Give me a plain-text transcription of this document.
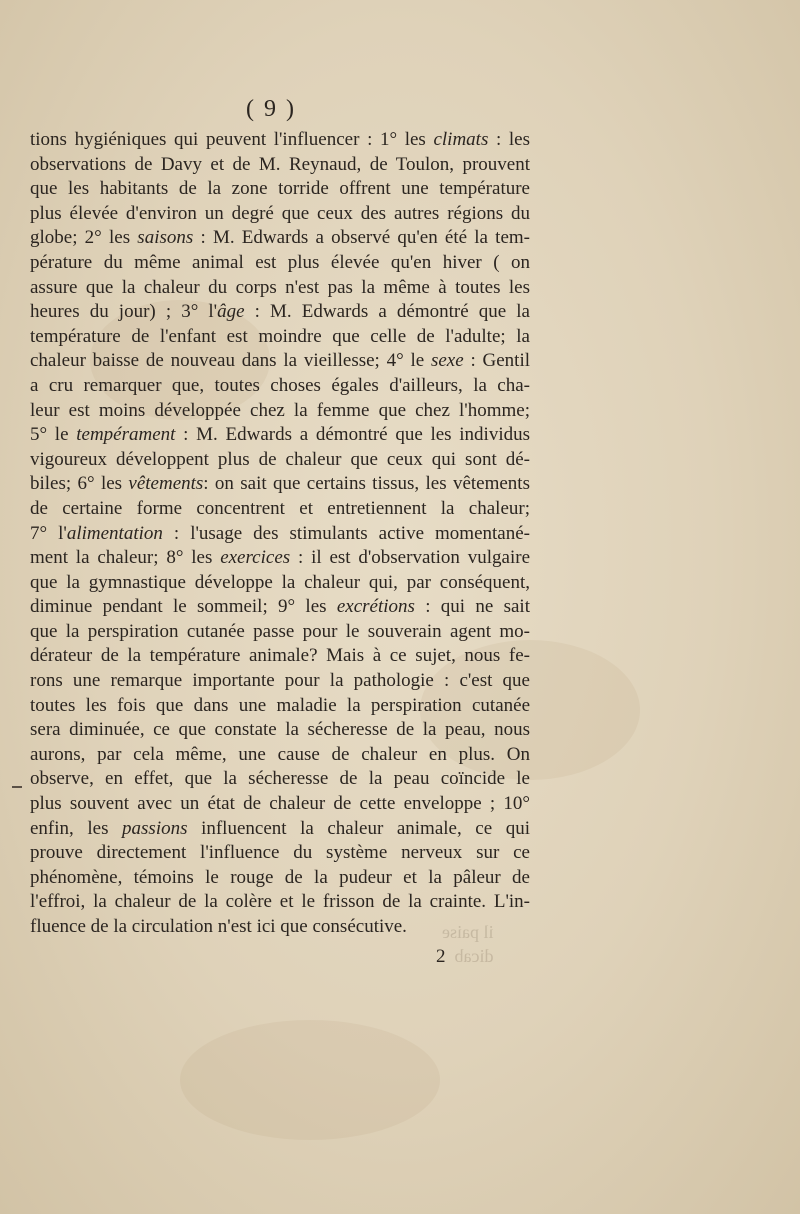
( 9 )
tions hygiéniques qui peuvent l'influencer : 1° les climats : les
observations de Davy et de M. Reynaud, de Toulon, prouvent
que les habitants de la zone torride offrent une température
plus élevée d'environ un degré que ceux des autres régions du
globe; 2° les saisons : M. Edwards a observé qu'en été la tem-
pérature du même animal est plus élevée qu'en hiver ( on
assure que la chaleur du corps n'est pas la même à toutes les
heures du jour) ; 3° l'âge : M. Edwards a démontré que la
température de l'enfant est moindre que celle de l'adulte; la
chaleur baisse de nouveau dans la vieillesse; 4° le sexe : Gentil
a cru remarquer que, toutes choses égales d'ailleurs, la cha-
leur est moins développée chez la femme que chez l'homme;
5° le tempérament : M. Edwards a démontré que les individus
vigoureux développent plus de chaleur que ceux qui sont dé-
biles; 6° les vêtements: on sait que certains tissus, les vêtements
de certaine forme concentrent et entretiennent la chaleur;
7° l'alimentation : l'usage des stimulants active momentané-
ment la chaleur; 8° les exercices : il est d'observation vulgaire
que la gymnastique développe la chaleur qui, par conséquent,
diminue pendant le sommeil; 9° les excrétions : qui ne sait
que la perspiration cutanée passe pour le souverain agent mo-
dérateur de la température animale? Mais à ce sujet, nous fe-
rons une remarque importante pour la pathologie : c'est que
toutes les fois que dans une maladie la perspiration cutanée
sera diminuée, ce que constate la sécheresse de la peau, nous
aurons, par cela même, une cause de chaleur en plus. On
observe, en effet, que la sécheresse de la peau coïncide le
plus souvent avec un état de chaleur de cette enveloppe ; 10°
enfin, les passions influencent la chaleur animale, ce qui
prouve directement l'influence du système nerveux sur ce
phénomène, témoins le rouge de la pudeur et la pâleur de
l'effroi, la chaleur de la colère et le frisson de la crainte. L'in-
fluence de la circulation n'est ici que consécutive.	il paise
dicab
2
